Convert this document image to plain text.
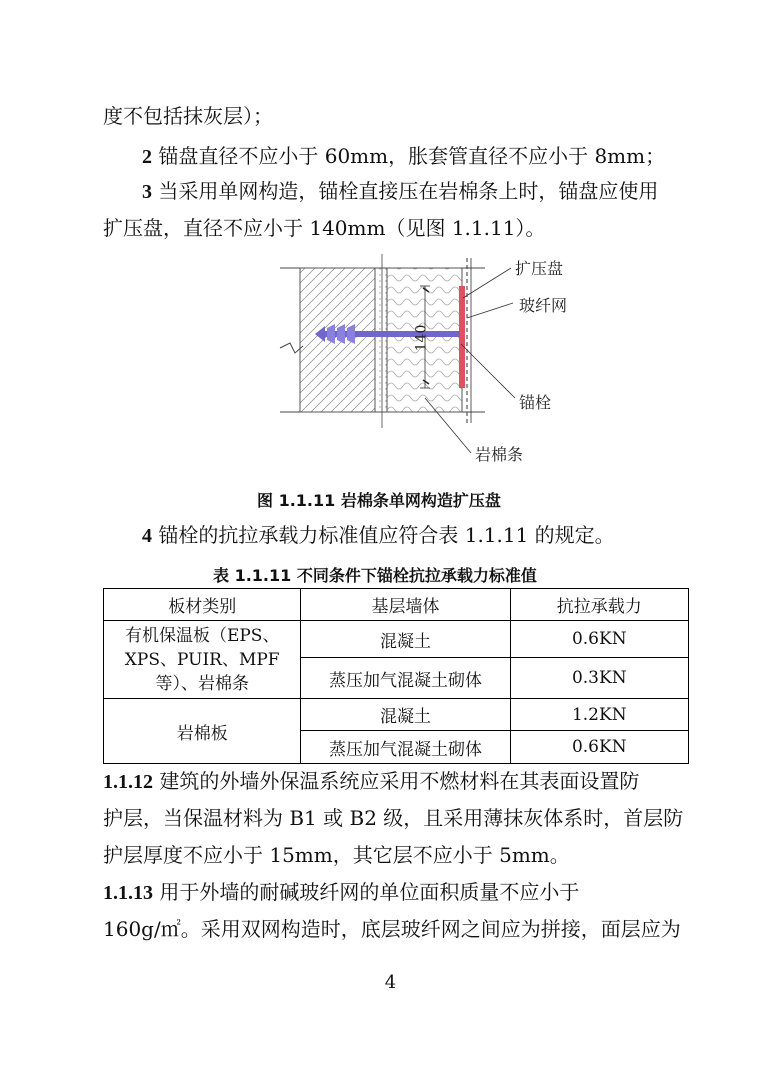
度不包括抹灰层）；
2 锚盘直径不应小于 60mm，胀套管直径不应小于 8mm；
3 当采用单网构造，锚栓直接压在岩棉条上时，锚盘应使用
扩压盘，直径不应小于 140mm（见图 1.1.11）。
扩压盘
玻纤网
锚栓
岩棉条
140
图 1.1.11 岩棉条单网构造扩压盘
4 锚栓的抗拉承载力标准值应符合表 1.1.11 的规定。
表 1.1.11 不同条件下锚栓抗拉承载力标准值
板材类别	基层墙体	抗拉承载力

有机保温板（EPS、
XPS、PUIR、MPF
等）、岩棉条	混凝土	0.6KN
	蒸压加气混凝土砌体	0.3KN
岩棉板	混凝土	1.2KN
	蒸压加气混凝土砌体	0.6KN
1.1.12 建筑的外墙外保温系统应采用不燃材料在其表面设置防
护层，当保温材料为 B1 或 B2 级，且采用薄抹灰体系时，首层防
护层厚度不应小于 15mm，其它层不应小于 5mm。
1.1.13 用于外墙的耐碱玻纤网的单位面积质量不应小于
160g/㎡。采用双网构造时，底层玻纤网之间应为拼接，面层应为
4
